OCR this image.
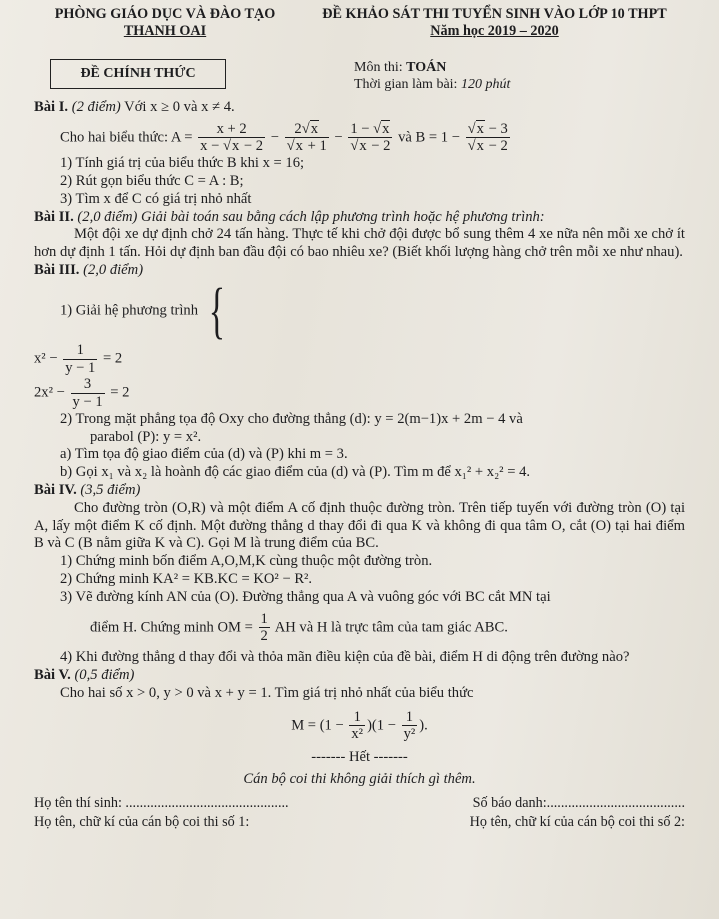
PHÒNG GIÁO DỤC VÀ ĐÀO TẠO
THANH OAI
ĐỀ KHẢO SÁT THI TUYỂN SINH VÀO LỚP 10 THPT
Năm học 2019 – 2020
ĐỀ CHÍNH THỨC	Môn thi: TOÁN
Thời gian làm bài: 120 phút

Bài I. (2 điểm) Với x ≥ 0 và x ≠ 4.

Cho hai biểu thức: $A = \frac{x + 2}{x - √ x - 2} - 2√$ x
√ x + 1 − 1 − √ x
√ x − 2 và B = 1 −
√ x − 3
√ x − 2

1) Tính giá trị của biểu thức B khi x = 16;

2) Rút gọn biểu thức C = A : B;

3) Tìm x để C có giá trị nhỏ nhất

Bài II. (2,0 điểm) Giải bài toán sau bằng cách lập phương trình hoặc hệ phương trình:

Một đội xe dự định chở 24 tấn hàng. Thực tế khi chở đội được bổ sung thêm 4 xe nữa nên mỗi xe chở ít hơn dự định 1 tấn. Hỏi dự định ban đầu đội có bao nhiêu xe? (Biết khối lượng hàng chở trên mỗi xe như nhau).

Bài III. (2,0 điểm)

1) Giải hệ phương trình {

$x^2 - \frac{1}{y - 1} = 2$
$2x^2 - \frac{3}{y - 1} = 2$

2) Trong mặt phẳng tọa độ Oxy cho đường thẳng (d): y = 2(m−1)x + 2m − 4 và

parabol (P): y = x².

a) Tìm tọa độ giao điểm của (d) và (P) khi m = 3.

b) Gọi x₁ và x₂ là hoành độ các giao điểm của (d) và (P). Tìm m để x₁² + x₂² = 4.

Bài IV. (3,5 điểm)

Cho đường tròn (O,R) và một điểm A cố định thuộc đường tròn. Trên tiếp tuyến với đường tròn (O) tại A, lấy một điểm K cố định. Một đường thẳng d thay đổi đi qua K và không đi qua tâm O, cắt (O) tại hai điểm B và C (B nằm giữa K và C). Gọi M là trung điểm của BC.

1) Chứng minh bốn điểm A,O,M,K cùng thuộc một đường tròn.

2) Chứng minh KA² = KB.KC = KO² − R².

3) Vẽ đường kính AN của (O). Đường thẳng qua A và vuông góc với BC cắt MN tại

điểm H. Chứng minh OM = $\frac{1}{2}$ AH và H là trực tâm của tam giác ABC.

4) Khi đường thẳng d thay đổi và thỏa mãn điều kiện của đề bài, điểm H di động trên đường nào?

Bài V. (0,5 điểm)

Cho hai số x > 0, y > 0 và x + y = 1. Tìm giá trị nhỏ nhất của biểu thức

$M = (1 - \frac{1}{\text{x²}} )(1 - \frac{1}{\text{y²}}$ ).

------- Hết -------
Cán bộ coi thi không giải thích gì thêm.
Họ tên thí sinh: ..............................................	Số báo danh:.......................................
Họ tên, chữ kí của cán bộ coi thi số 1:	Họ tên, chữ kí của cán bộ coi thi số 2:
